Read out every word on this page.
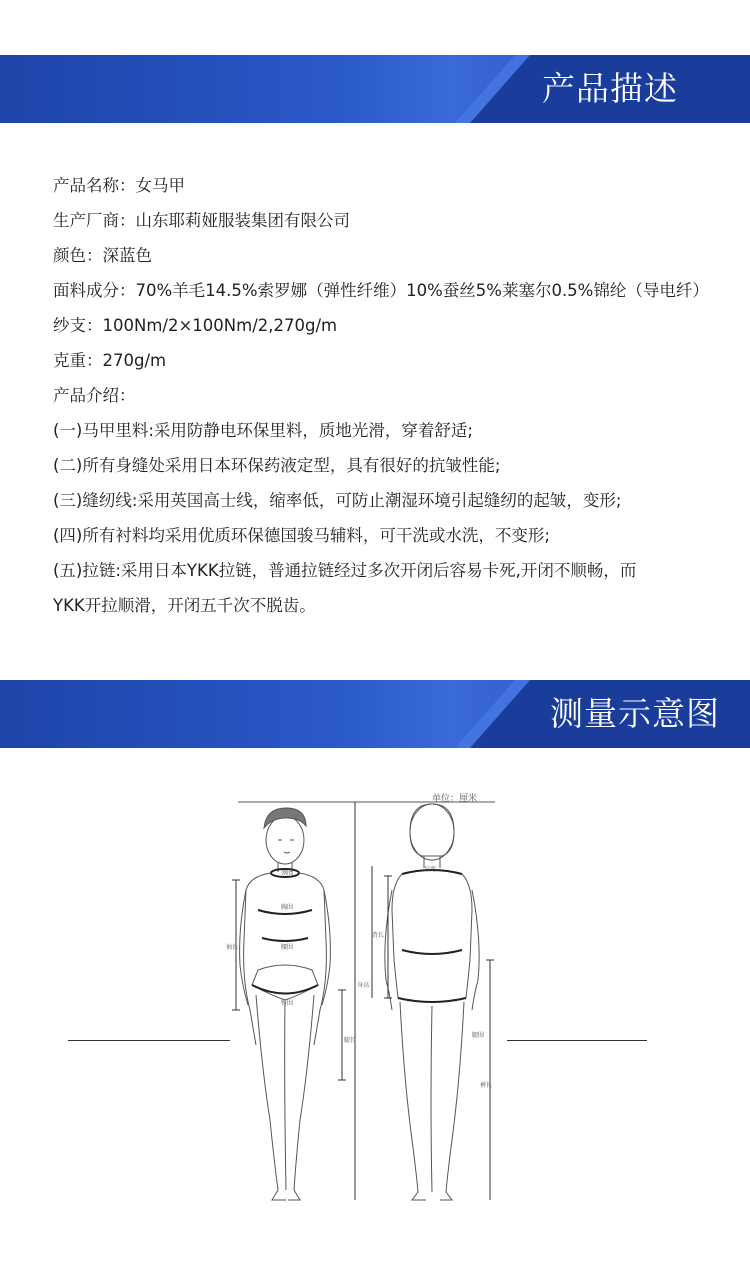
产品描述
产品名称：女马甲
生产厂商：山东耶莉娅服装集团有限公司
颜色：深蓝色
面料成分：70%羊毛14.5%索罗娜（弹性纤维）10%蚕丝5%莱塞尔0.5%锦纶（导电纤）
纱支：100Nm/2×100Nm/2,270g/m
克重：270g/m
产品介绍：
(一)马甲里料:采用防静电环保里料，质地光滑，穿着舒适;
(二)所有身缝处采用日本环保药液定型，具有很好的抗皱性能;
(三)缝纫线:采用英国高士线，缩率低，可防止潮湿环境引起缝纫的起皱，变形;
(四)所有衬料均采用优质环保德国骏马辅料，可干洗或水洗，不变形;
(五)拉链:采用日本YKK拉链，普通拉链经过多次开闭后容易卡死,开闭不顺畅，而
YKK开拉顺滑，开闭五千次不脱齿。
测量示意图
单位：厘米
颈围
胸围
腰围
臀围
袖长
腿长
身高
肩宽
背长
腿围
裤长
